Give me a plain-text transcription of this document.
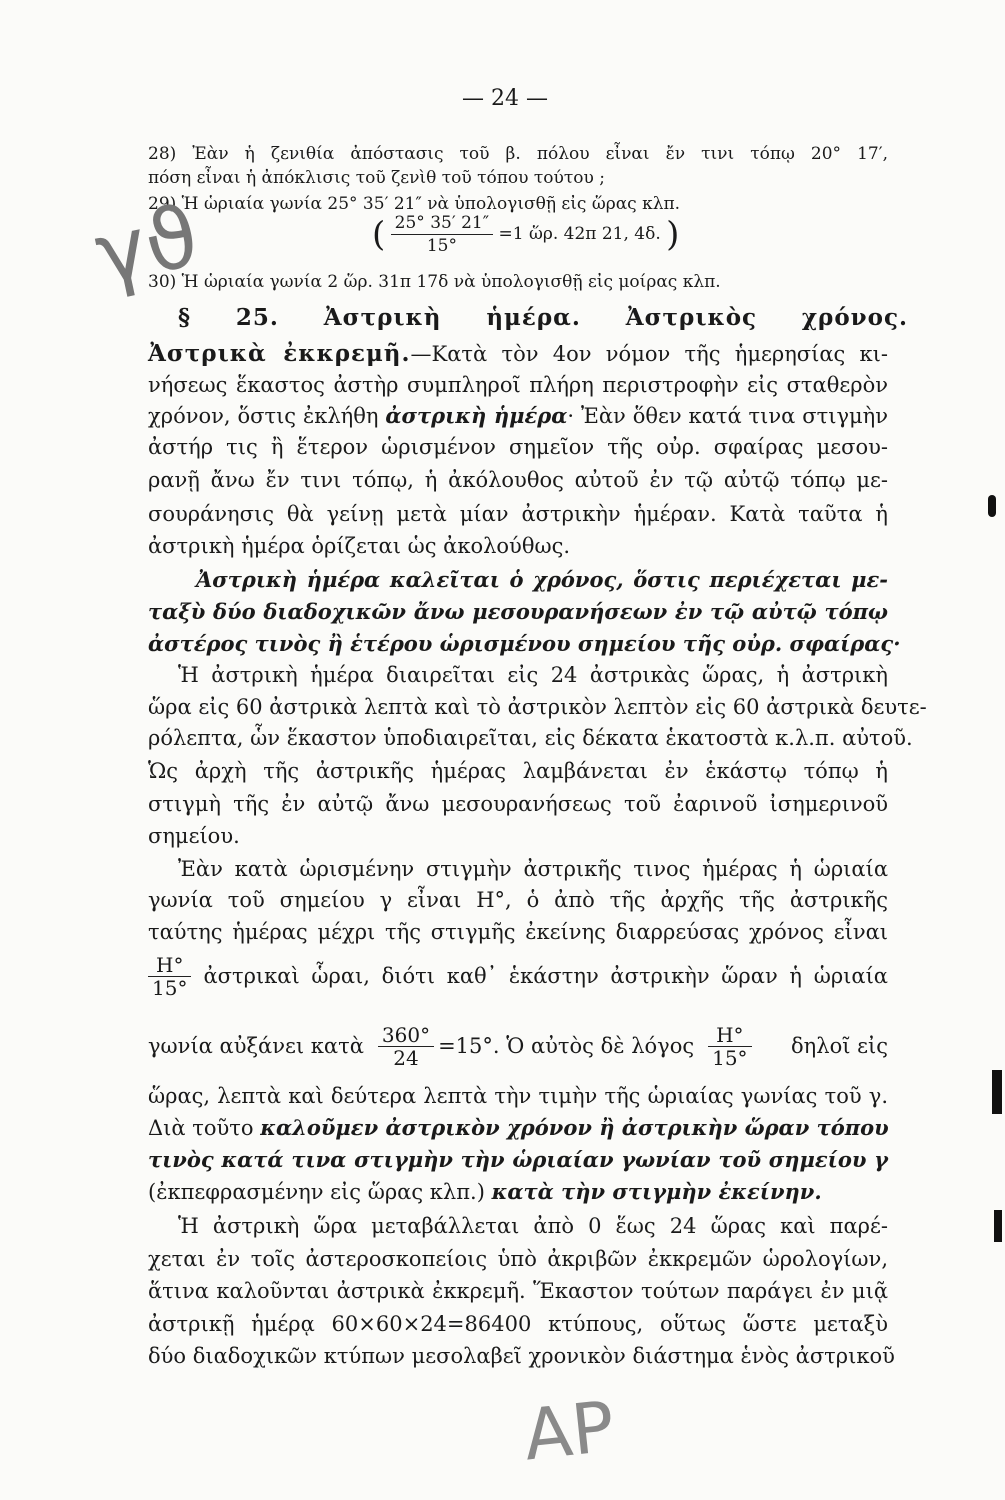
— 24 —
28) Ἐὰν ἡ ζενιθία ἀπόστασις τοῦ β. πόλου εἶναι ἔν τινι τόπῳ 20° 17′,
πόση εἶναι ἡ ἀπόκλισις τοῦ ζενὶθ τοῦ τόπου τούτου ;
29) Ἡ ὡριαία γωνία 25° 35′ 21″ νὰ ὑπολογισθῇ εἰς ὥρας κλπ.
( $\frac{25^\circ 35' 21''}{15^\circ} =1$ ὥρ. 42π 21, 4δ. )
30) Ἡ ὡριαία γωνία 2 ὥρ. 31π 17δ νὰ ὑπολογισθῇ εἰς μοίρας κλπ.
§ 25. Ἀστρικὴ ἡμέρα. Ἀστρικὸς χρόνος.
Ἀστρικὰ ἐκκρεμῆ.—Κατὰ τὸν 4ον νόμον τῆς ἡμερησίας κι-
νήσεως ἕκαστος ἀστὴρ συμπληροῖ πλήρη περιστροφὴν εἰς σταθερὸν
χρόνον, ὅστις ἐκλήθη ἀστρικὴ ἡμέρα· Ἐὰν ὅθεν κατά τινα στιγμὴν
ἀστήρ τις ἢ ἕτερον ὡρισμένον σημεῖον τῆς οὐρ. σφαίρας μεσου-
ρανῇ ἄνω ἔν τινι τόπῳ, ἡ ἀκόλουθος αὐτοῦ ἐν τῷ αὐτῷ τόπῳ με-
σουράνησις θὰ γείνῃ μετὰ μίαν ἀστρικὴν ἡμέραν. Κατὰ ταῦτα ἡ
ἀστρικὴ ἡμέρα ὁρίζεται ὡς ἀκολούθως.
Ἀστρικὴ ἡμέρα καλεῖται ὁ χρόνος, ὅστις περιέχεται με-
ταξὺ δύο διαδοχικῶν ἄνω μεσουρανήσεων ἐν τῷ αὐτῷ τόπῳ
ἀστέρος τινὸς ἢ ἑτέρου ὡρισμένου σημείου τῆς οὐρ. σφαίρας·
Ἡ ἀστρικὴ ἡμέρα διαιρεῖται εἰς 24 ἀστρικὰς ὥρας, ἡ ἀστρικὴ
ὥρα εἰς 60 ἀστρικὰ λεπτὰ καὶ τὸ ἀστρικὸν λεπτὸν εἰς 60 ἀστρικὰ δευτε-
ρόλεπτα, ὧν ἕκαστον ὑποδιαιρεῖται, εἰς δέκατα ἑκατοστὰ κ.λ.π. αὐτοῦ.
Ὡς ἀρχὴ τῆς ἀστρικῆς ἡμέρας λαμβάνεται ἐν ἑκάστῳ τόπῳ ἡ
στιγμὴ τῆς ἐν αὐτῷ ἄνω μεσουρανήσεως τοῦ ἐαρινοῦ ἰσημερινοῦ
σημείου.
Ἐὰν κατὰ ὡρισμένην στιγμὴν ἀστρικῆς τινος ἡμέρας ἡ ὡριαία
γωνία τοῦ σημείου γ εἶναι Η°, ὁ ἀπὸ τῆς ἀρχῆς τῆς ἀστρικῆς
ταύτης ἡμέρας μέχρι τῆς στιγμῆς ἐκείνης διαρρεύσας χρόνος εἶναι
$\frac{H^\circ}{15^\circ}$ ἀστρικαὶ ὧραι, διότι καθ᾽ ἑκάστην ἀστρικὴν ὥραν ἡ ὡριαία
γωνία αὐξάνει κατὰ $\frac{360^\circ}{24} =15^\circ$. Ὁ αὐτὸς δὲ λόγος $\frac{H^\circ}{15^\circ}$ δηλοῖ εἰς
ὥρας, λεπτὰ καὶ δεύτερα λεπτὰ τὴν τιμὴν τῆς ὡριαίας γωνίας τοῦ γ.
Διὰ τοῦτο καλοῦμεν ἀστρικὸν χρόνον ἢ ἀστρικὴν ὥραν τόπου
τινὸς κατά τινα στιγμὴν τὴν ὡριαίαν γωνίαν τοῦ σημείου γ
(ἐκπεφρασμένην εἰς ὥρας κλπ.) κατὰ τὴν στιγμὴν ἐκείνην.
Ἡ ἀστρικὴ ὥρα μεταβάλλεται ἀπὸ 0 ἕως 24 ὥρας καὶ παρέ-
χεται ἐν τοῖς ἀστεροσκοπείοις ὑπὸ ἀκριβῶν ἐκκρεμῶν ὡρολογίων,
ἅτινα καλοῦνται ἀστρικὰ ἐκκρεμῆ. Ἕκαστον τούτων παράγει ἐν μιᾷ
ἀστρικῇ ἡμέρᾳ 60×60×24=86400 κτύπους, οὕτως ὥστε μεταξὺ
δύο διαδοχικῶν κτύπων μεσολαβεῖ χρονικὸν διάστημα ἑνὸς ἀστρικοῦ
γϑ
ΑΡ
